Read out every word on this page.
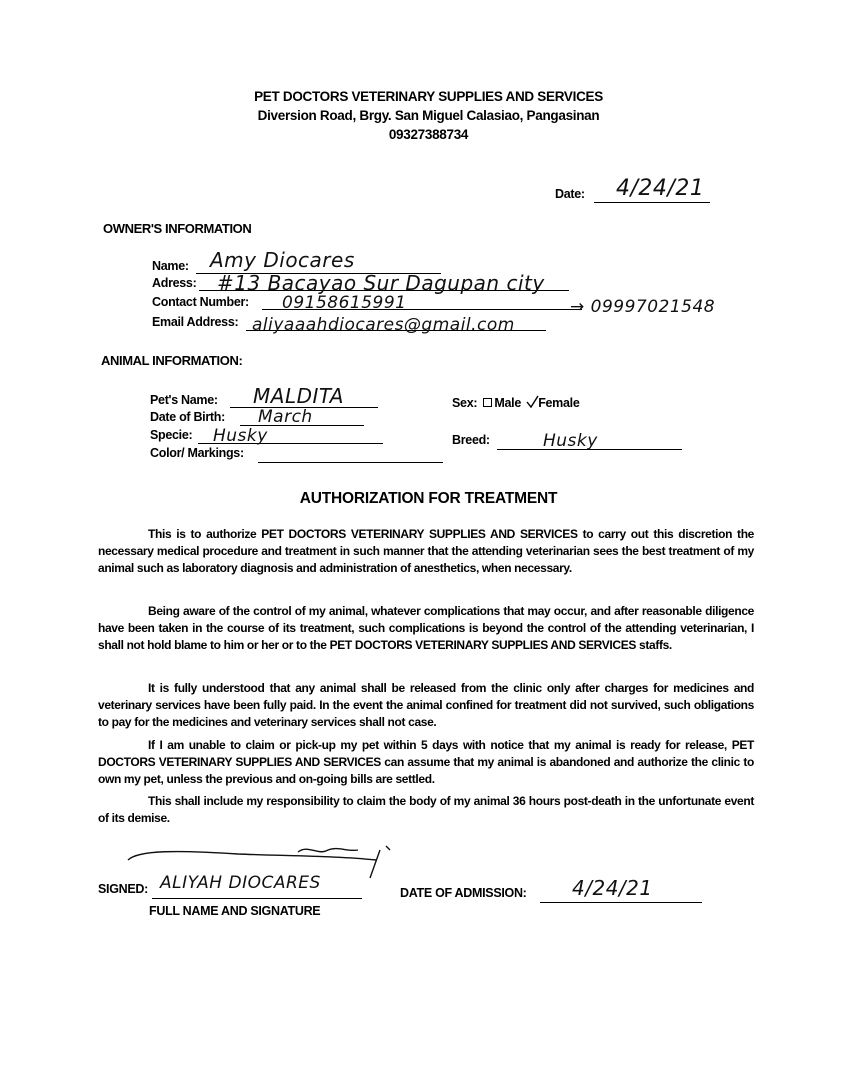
PET DOCTORS VETERINARY SUPPLIES AND SERVICES
Diversion Road, Brgy. San Miguel Calasiao, Pangasinan
09327388734
Date: 4/24/21
OWNER'S INFORMATION
Name: Amy Diocares
Adress: #13 Bacayao Sur Dagupan city
Contact Number: 09158615991	→ 09997021548
Email Address: aliyaaahdiocares@gmail.com
ANIMAL INFORMATION:
Pet's Name: MALDITA
Date of Birth: March
Specie: Husky
Color/ Markings:
Sex: Male Female
Breed:	Husky
AUTHORIZATION FOR TREATMENT

This is to authorize PET DOCTORS VETERINARY SUPPLIES AND SERVICES to carry out this discretion the necessary medical procedure and treatment in such manner that the attending veterinarian sees the best treatment of my animal such as laboratory diagnosis and administration of anesthetics, when necessary.

Being aware of the control of my animal, whatever complications that may occur, and after reasonable diligence have been taken in the course of its treatment, such complications is beyond the control of the attending veterinarian, I shall not hold blame to him or her or to the PET DOCTORS VETERINARY SUPPLIES AND SERVICES staffs.

It is fully understood that any animal shall be released from the clinic only after charges for medicines and veterinary services have been fully paid. In the event the animal confined for treatment did not survived, such obligations to pay for the medicines and veterinary services shall not case.

If I am unable to claim or pick-up my pet within 5 days with notice that my animal is ready for release, PET DOCTORS VETERINARY SUPPLIES AND SERVICES can assume that my animal is abandoned and authorize the clinic to own my pet, unless the previous and on-going bills are settled.

This shall include my responsibility to claim the body of my animal 36 hours post-death in the unfortunate event of its demise.

SIGNED: ALIYAH DIOCARES
FULL NAME AND SIGNATURE
DATE OF ADMISSION: 4/24/21
